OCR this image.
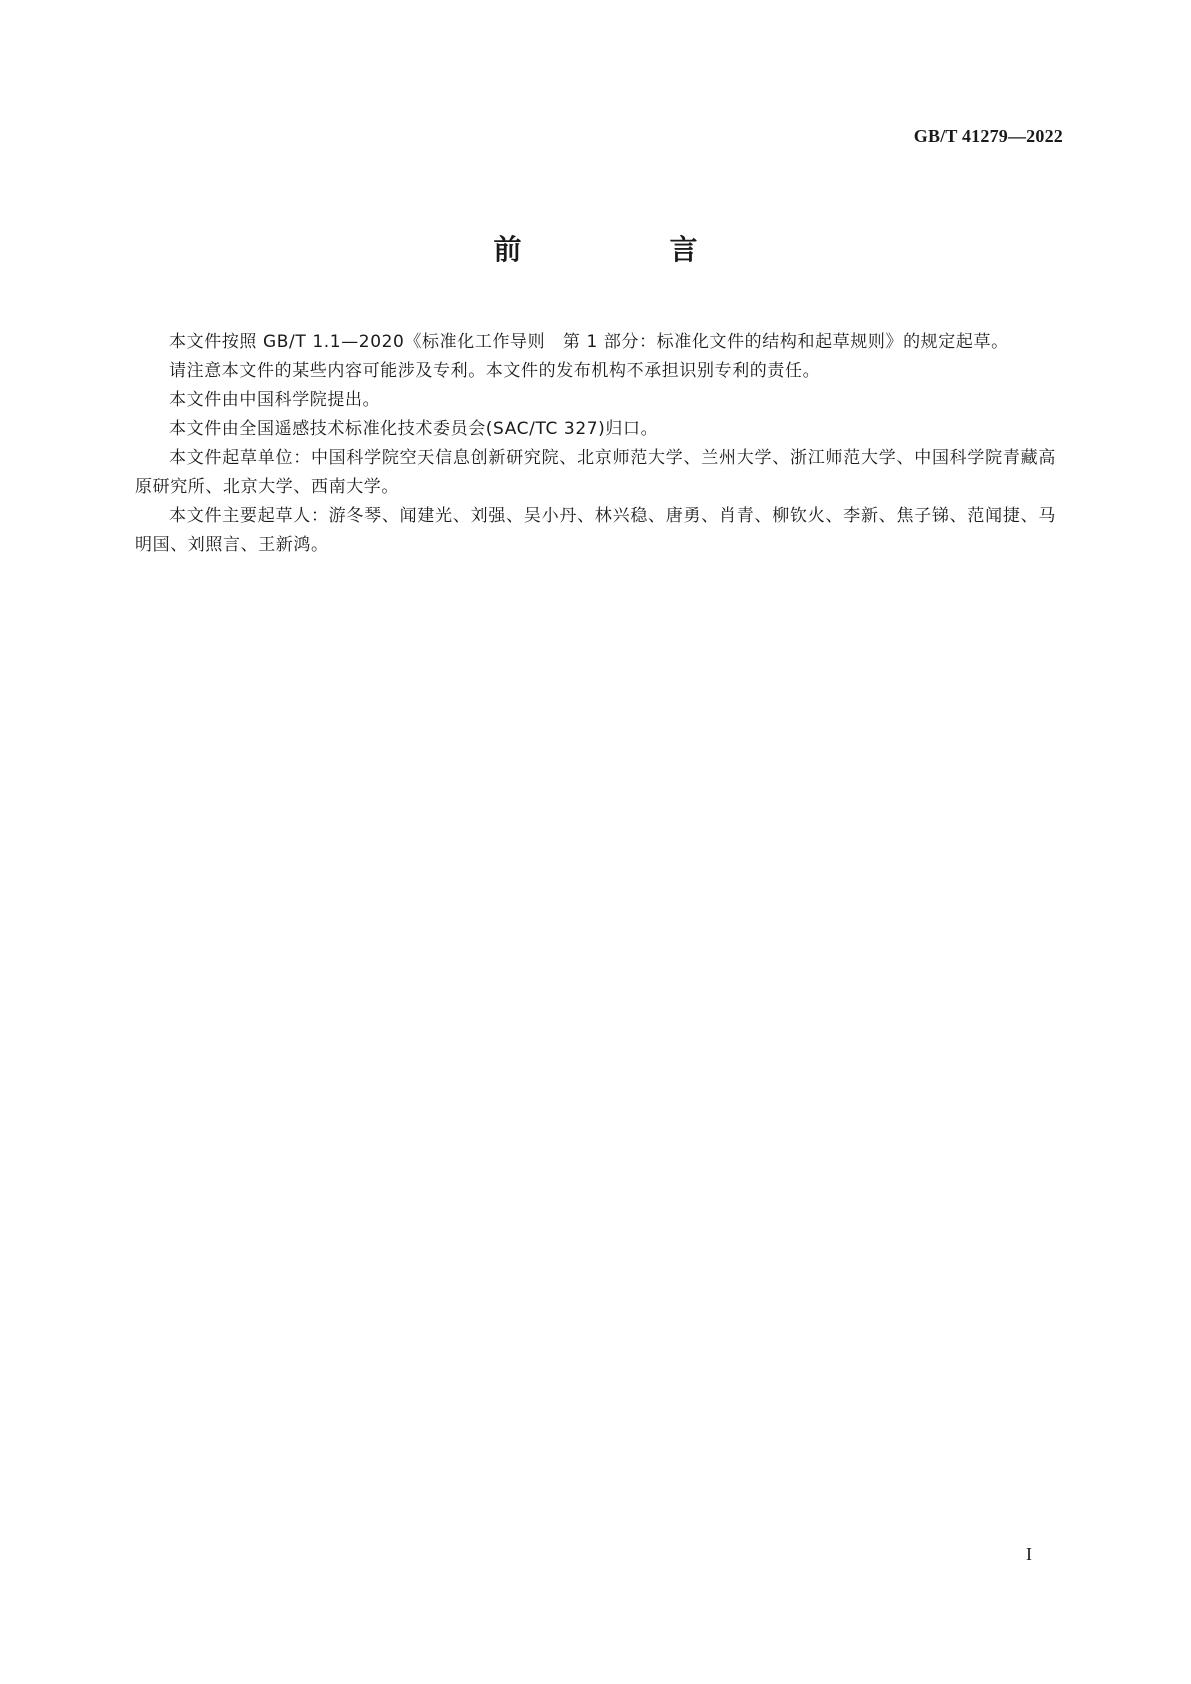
GB/T 41279—2022
前　言

本文件按照 GB/T 1.1—2020《标准化工作导则　第 1 部分：标准化文件的结构和起草规则》的规定起草。

请注意本文件的某些内容可能涉及专利。本文件的发布机构不承担识别专利的责任。

本文件由中国科学院提出。

本文件由全国遥感技术标准化技术委员会(SAC/TC 327)归口。

本文件起草单位：中国科学院空天信息创新研究院、北京师范大学、兰州大学、浙江师范大学、中国科学院青藏高原研究所、北京大学、西南大学。

本文件主要起草人：游冬琴、闻建光、刘强、吴小丹、林兴稳、唐勇、肖青、柳钦火、李新、焦子锑、范闻捷、马明国、刘照言、王新鸿。

I
